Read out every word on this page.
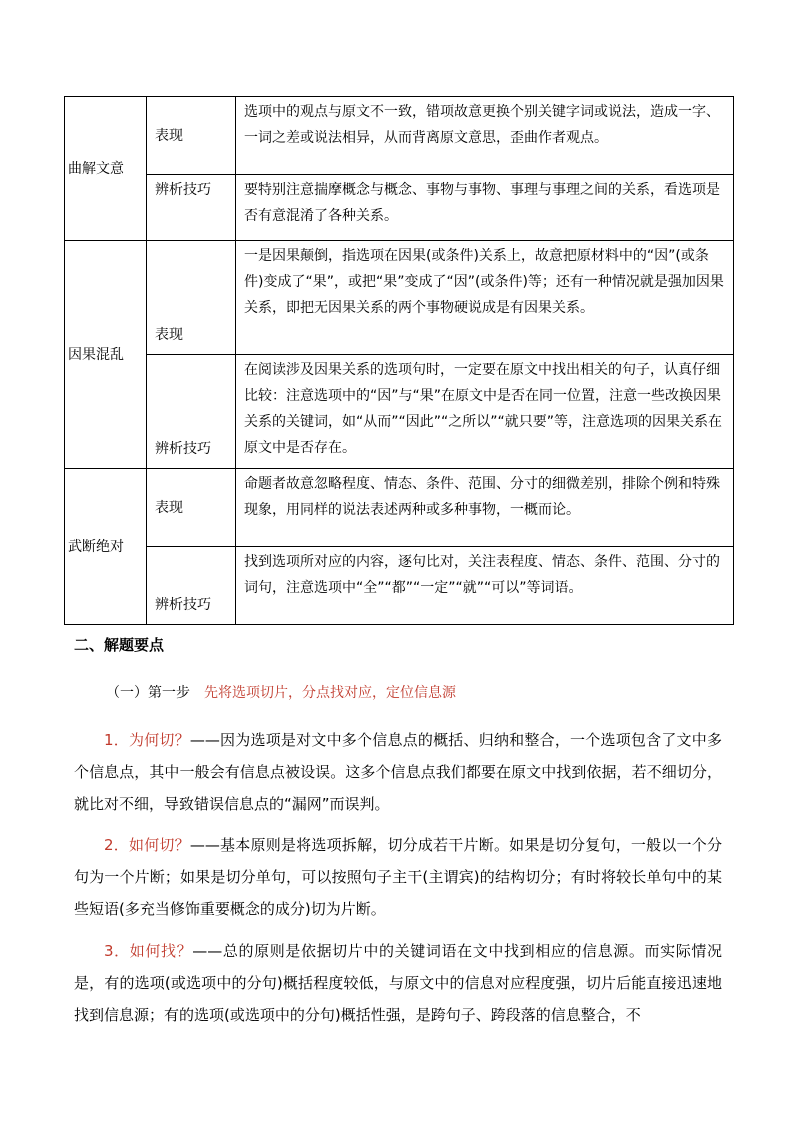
曲解文意	表现	选项中的观点与原文不一致，错项故意更换个别关键字词或说法，造成一字、一词之差或说法相异，从而背离原文意思，歪曲作者观点。
	辨析技巧	要特别注意揣摩概念与概念、事物与事物、事理与事理之间的关系，看选项是否有意混淆了各种关系。
因果混乱	表现	一是因果颠倒，指选项在因果(或条件)关系上，故意把原材料中的“因”(或条件)变成了“果”，或把“果”变成了“因”(或条件)等；还有一种情况就是强加因果关系，即把无因果关系的两个事物硬说成是有因果关系。
	辨析技巧	在阅读涉及因果关系的选项句时，一定要在原文中找出相关的句子，认真仔细比较：注意选项中的“因”与“果”在原文中是否在同一位置，注意一些改换因果关系的关键词，如“从而”“因此”“之所以”“就只要”等，注意选项的因果关系在原文中是否存在。
武断绝对	表现	命题者故意忽略程度、情态、条件、范围、分寸的细微差别，排除个例和特殊现象，用同样的说法表述两种或多种事物，一概而论。
	辨析技巧	找到选项所对应的内容，逐句比对，关注表程度、情态、条件、范围、分寸的词句，注意选项中“全”“都”“一定”“就”“可以”等词语。
二、解题要点
（一）第一步　先将选项切片，分点找对应，定位信息源
1．为何切？——因为选项是对文中多个信息点的概括、归纳和整合，一个选项包含了文中多个信息点，其中一般会有信息点被设误。这多个信息点我们都要在原文中找到依据，若不细切分，就比对不细，导致错误信息点的“漏网”而误判。
2．如何切？——基本原则是将选项拆解，切分成若干片断。如果是切分复句，一般以一个分句为一个片断；如果是切分单句，可以按照句子主干(主谓宾)的结构切分；有时将较长单句中的某些短语(多充当修饰重要概念的成分)切为片断。
3．如何找？——总的原则是依据切片中的关键词语在文中找到相应的信息源。而实际情况是，有的选项(或选项中的分句)概括程度较低，与原文中的信息对应程度强，切片后能直接迅速地找到信息源；有的选项(或选项中的分句)概括性强，是跨句子、跨段落的信息整合，不
